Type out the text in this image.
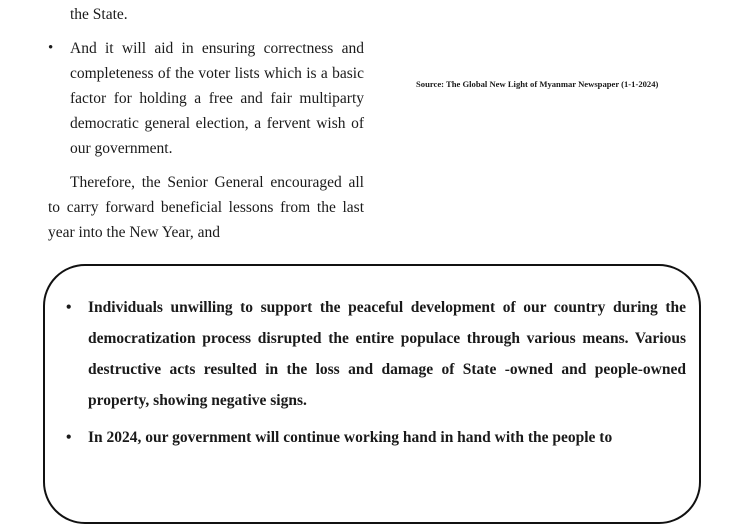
the State.

• And it will aid in ensuring correctness and completeness of the voter lists which is a basic factor for holding a free and fair multiparty democratic general election, a fervent wish of our government.

Therefore, the Senior General encouraged all to carry forward beneficial lessons from the last year into the New Year, and

Source: The Global New Light of Myanmar Newspaper (1-1-2024)
• Individuals unwilling to support the peaceful development of our country during the democratization process disrupted the entire populace through various means. Various destructive acts resulted in the loss and damage of State -owned and people-owned property, showing negative signs.
• In 2024, our government will continue working hand in hand with the people to
